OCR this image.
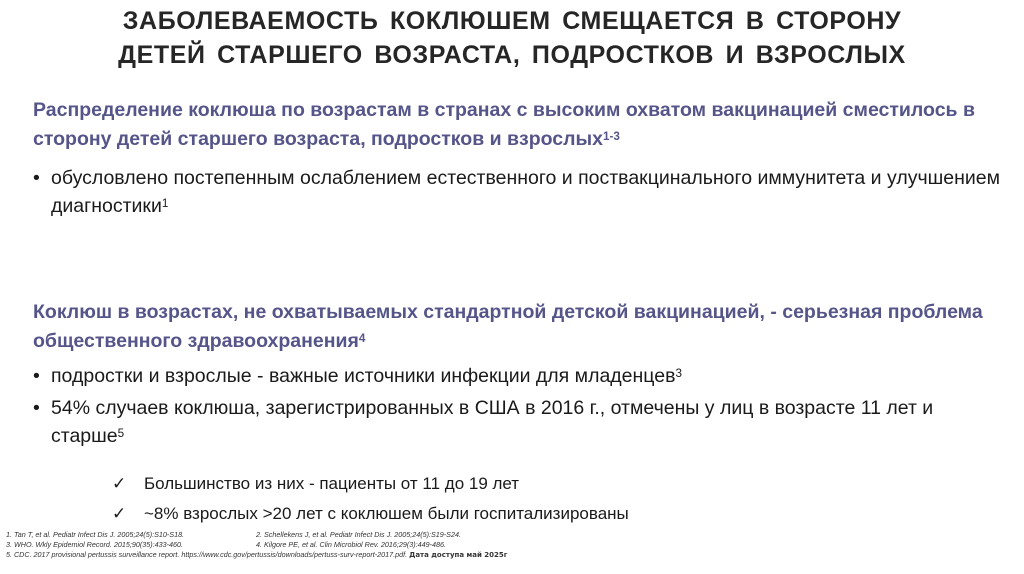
ЗАБОЛЕВАЕМОСТЬ КОКЛЮШЕМ СМЕЩАЕТСЯ В СТОРОНУ
ДЕТЕЙ СТАРШЕГО ВОЗРАСТА, ПОДРОСТКОВ И ВЗРОСЛЫХ
Распределение коклюша по возрастам в странах с высоким охватом вакцинацией сместилось в сторону детей старшего возраста, подростков и взрослых$^{1-3}$
• обусловлено постепенным ослаблением естественного и поствакцинального иммунитета и улучшением диагностики$^1$
Коклюш в возрастах, не охватываемых стандартной детской вакцинацией, - серьезная проблема общественного здравоохранения$^4$
• подростки и взрослые - важные источники инфекции для младенцев$^3$
• 54% случаев коклюша, зарегистрированных в США в 2016 г., отмечены у лиц в возрасте 11 лет и старше$^5$
✓ Большинство из них - пациенты от 11 до 19 лет
✓ ~8% взрослых >20 лет с коклюшем были госпитализированы
1. Tan T, et al. Pediatr Infect Dis J. 2005;24(5):S10-S18.	2. Schellekens J, et al. Pediatr Infect Dis J. 2005;24(5):S19-S24.
3. WHO. Wkly Epidemiol Record. 2015;90(35):433-460.	4. Kilgore PE, et al. Clin Microbiol Rev. 2016;29(3):449-486.
5. CDC. 2017 provisional pertussis surveillance report. https://www.cdc.gov/pertussis/downloads/pertuss-surv-report-2017.pdf. Дата доступа май 2025г
